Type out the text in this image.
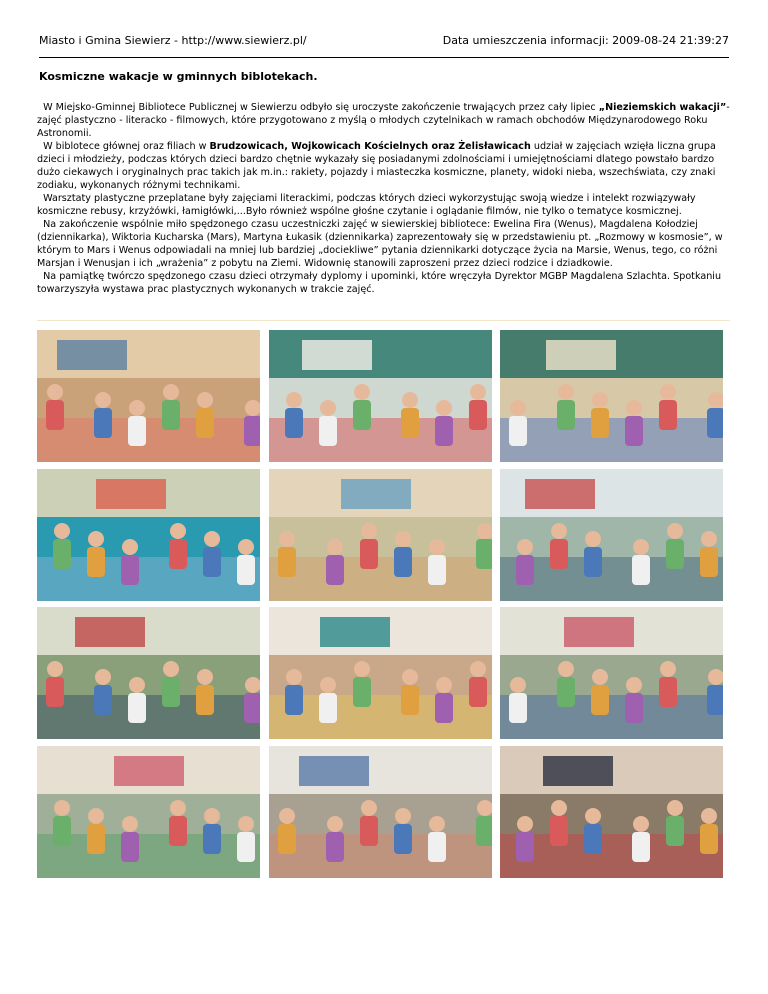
Miasto i Gmina Siewierz - http://www.siewierz.pl/	Data umieszczenia informacji: 2009-08-24 21:39:27
Kosmiczne wakacje w gminnych biblotekach.

W Miejsko-Gminnej Bibliotece Publicznej w Siewierzu odbyło się uroczyste zakończenie trwających przez cały lipiec „Nieziemskich wakacji”- zajęć plastyczno - literacko - filmowych, które przygotowano z myślą o młodych czytelnikach w ramach obchodów Międzynarodowego Roku Astronomii.

W biblotece głównej oraz filiach w Brudzowicach, Wojkowicach Kościelnych oraz Żelisławicach udział w zajęciach wzięła liczna grupa dzieci i młodzieży, podczas których dzieci bardzo chętnie wykazały się posiadanymi zdolnościami i umiejętnościami dlatego powstało bardzo dużo ciekawych i oryginalnych prac takich jak m.in.: rakiety, pojazdy i miasteczka kosmiczne, planety, widoki nieba, wszechświata, czy znaki zodiaku, wykonanych różnymi technikami.

Warsztaty plastyczne przeplatane były zajęciami literackimi, podczas których dzieci wykorzystując swoją wiedze i intelekt rozwiązywały kosmiczne rebusy, krzyżówki, łamigłówki,...Było również wspólne głośne czytanie i oglądanie filmów, nie tylko o tematyce kosmicznej.

Na zakończenie wspólnie miło spędzonego czasu uczestniczki zajęć w siewierskiej bibliotece: Ewelina Fira (Wenus), Magdalena Kołodziej (dziennikarka), Wiktoria Kucharska (Mars), Martyna Łukasik (dziennikarka) zaprezentowały się w przedstawieniu pt. „Rozmowy w kosmosie”, w którym to Mars i Wenus odpowiadali na mniej lub bardziej „dociekliwe” pytania dziennikarki dotyczące życia na Marsie, Wenus, tego, co różni Marsjan i Wenusjan i ich „wrażenia” z pobytu na Ziemi. Widownię stanowili zaproszeni przez dzieci rodzice i dziadkowie.

Na pamiątkę twórczo spędzonego czasu dzieci otrzymały dyplomy i upominki, które wręczyła Dyrektor MGBP Magdalena Szlachta. Spotkaniu towarzyszyła wystawa prac plastycznych wykonanych w trakcie zajęć.
